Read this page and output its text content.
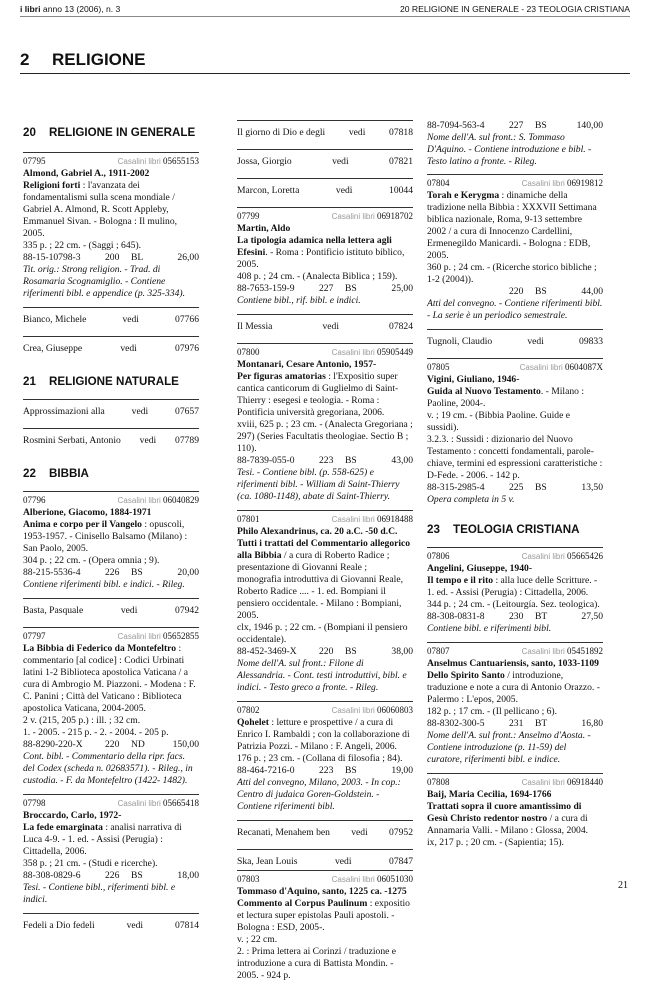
i libri anno 13 (2006), n. 3	20 RELIGIONE IN GENERALE - 23 TEOLOGIA CRISTIANA
2 RELIGIONE
20 RELIGIONE IN GENERALE
07795	Casalini libri 05655153
Almond, Gabriel A., 1911-2002
Religioni forti : l'avanzata dei fondamentalismi sulla scena mondiale / Gabriel A. Almond, R. Scott Appleby, Emmanuel Sivan. - Bologna : Il mulino, 2005.
335 p. ; 22 cm. - (Saggi ; 645).
88-15-10798-3	200	BL	26,00
Tit. orig.: Strong religion. - Trad. di Rosamaria Scognamiglio. - Contiene riferimenti bibl. e appendice (p. 325-334).
Bianco, Michele	vedi	07766
Crea, Giuseppe	vedi	07976
21 RELIGIONE NATURALE
Approssimazioni alla	vedi	07657
Rosmini Serbati, Antonio	vedi	07789
22 BIBBIA
07796	Casalini libri 06040829
Alberione, Giacomo, 1884-1971
Anima e corpo per il Vangelo : opuscoli, 1953-1957. - Cinisello Balsamo (Milano) : San Paolo, 2005.
304 p. ; 22 cm. - (Opera omnia ; 9).
88-215-5536-4	226	BS	20,00
Contiene riferimenti bibl. e indici. - Rileg.
Basta, Pasquale	vedi	07942
07797	Casalini libri 05652855
La Bibbia di Federico da Montefeltro : commentario [al codice] : Codici Urbinati latini 1-2 Biblioteca apostolica Vaticana / a cura di Ambrogio M. Piazzoni. - Modena : F. C. Panini ; Città del Vaticano : Biblioteca apostolica Vaticana, 2004-2005.
2 v. (215, 205 p.) : ill. ; 32 cm.
1. - 2005. - 215 p. - 2. - 2004. - 205 p.
88-8290-220-X	220	ND	150,00
Cont. bibl. - Commentario della ripr. facs. del Codex (scheda n. 02683571). - Rileg., in custodia. - F. da Montefeltro (1422- 1482).
07798	Casalini libri 05665418
Broccardo, Carlo, 1972-
La fede emarginata : analisi narrativa di Luca 4-9. - 1. ed. - Assisi (Perugia) : Cittadella, 2006.
358 p. ; 21 cm. - (Studi e ricerche).
88-308-0829-6	226	BS	18,00
Tesi. - Contiene bibl., riferimenti bibl. e indici.
Fedeli a Dio fedeli	vedi	07814
Il giorno di Dio e degli	vedi	07818
Jossa, Giorgio	vedi	07821
Marcon, Loretta	vedi	10044
07799	Casalini libri 06918702
Martin, Aldo
La tipologia adamica nella lettera agli Efesini. - Roma : Pontificio istituto biblico, 2005.
408 p. ; 24 cm. - (Analecta Biblica ; 159).
88-7653-159-9	227	BS	25,00
Contiene bibl., rif. bibl. e indici.
Il Messia	vedi	07824
07800	Casalini libri 05905449
Montanari, Cesare Antonio, 1957-
Per figuras amatorias : l'Expositio super cantica canticorum di Guglielmo di Saint-Thierry : esegesi e teologia. - Roma : Pontificia università gregoriana, 2006.
xviii, 625 p. ; 23 cm. - (Analecta Gregoriana ; 297) (Series Facultatis theologiae. Sectio B ; 110).
88-7839-055-0	223	BS	43,00
Tesi. - Contiene bibl. (p. 558-625) e riferimenti bibl. - William di Saint-Thierry (ca. 1080-1148), abate di Saint-Thierry.
07801	Casalini libri 06918488
Philo Alexandrinus, ca. 20 a.C. -50 d.C.
Tutti i trattati del Commentario allegorico alla Bibbia / a cura di Roberto Radice ; presentazione di Giovanni Reale ; monografia introduttiva di Giovanni Reale, Roberto Radice .... - 1. ed. Bompiani il pensiero occidentale. - Milano : Bompiani, 2005.
clx, 1946 p. ; 22 cm. - (Bompiani il pensiero occidentale).
88-452-3469-X	220	BS	38,00
Nome dell'A. sul front.: Filone di Alessandria. - Cont. testi introduttivi, bibl. e indici. - Testo greco a fronte. - Rileg.
07802	Casalini libri 06060803
Qohelet : letture e prospettive / a cura di Enrico I. Rambaldi ; con la collaborazione di Patrizia Pozzi. - Milano : F. Angeli, 2006.
176 p. ; 23 cm. - (Collana di filosofia ; 84).
88-464-7216-0	223	BS	19,00
Atti del convegno, Milano, 2003. - In cop.: Centro di judaica Goren-Goldstein. - Contiene riferimenti bibl.
Recanati, Menahem ben	vedi	07952
Ska, Jean Louis	vedi	07847
07803	Casalini libri 06051030
Tommaso d'Aquino, santo, 1225 ca. -1275
Commento al Corpus Paulinum : expositio et lectura super epistolas Pauli apostoli. - Bologna : ESD, 2005-.
v. ; 22 cm.
2. : Prima lettera ai Corinzi / traduzione e introduzione a cura di Battista Mondin. - 2005. - 924 p.
88-7094-563-4	227	BS	140,00
Nome dell'A. sul front.: S. Tommaso D'Aquino. - Contiene introduzione e bibl. - Testo latino a fronte. - Rileg.
07804	Casalini libri 06919812
Torah e Kerygma : dinamiche della tradizione nella Bibbia : XXXVII Settimana biblica nazionale, Roma, 9-13 settembre 2002 / a cura di Innocenzo Cardellini, Ermenegildo Manicardi. - Bologna : EDB, 2005.
360 p. ; 24 cm. - (Ricerche storico bibliche ; 1-2 (2004)).
220	BS	44,00
Atti del convegno. - Contiene riferimenti bibl. - La serie è un periodico semestrale.
Tugnoli, Claudio	vedi	09833
07805	Casalini libri 0604087X
Vigini, Giuliano, 1946-
Guida al Nuovo Testamento. - Milano : Paoline, 2004-.
v. ; 19 cm. - (Bibbia Paoline. Guide e sussidi).
3.2.3. : Sussidi : dizionario del Nuovo Testamento : concetti fondamentali, parole-chiave, termini ed espressioni caratteristiche : D-Fede. - 2006. - 142 p.
88-315-2985-4	225	BS	13,50
Opera completa in 5 v.
23 TEOLOGIA CRISTIANA
07806	Casalini libri 05665426
Angelini, Giuseppe, 1940-
Il tempo e il rito : alla luce delle Scritture. - 1. ed. - Assisi (Perugia) : Cittadella, 2006.
344 p. ; 24 cm. - (Leitourgía. Sez. teologica).
88-308-0831-8	230	BT	27,50
Contiene bibl. e riferimenti bibl.
07807	Casalini libri 05451892
Anselmus Cantuariensis, santo, 1033-1109
Dello Spirito Santo / introduzione, traduzione e note a cura di Antonio Orazzo. - Palermo : L'epos, 2005.
182 p. ; 17 cm. - (Il pellicano ; 6).
88-8302-300-5	231	BT	16,80
Nome dell'A. sul front.: Anselmo d'Aosta. - Contiene introduzione (p. 11-59) del curatore, riferimenti bibl. e indice.
07808	Casalini libri 06918440
Baij, Maria Cecilia, 1694-1766
Trattati sopra il cuore amantissimo di Gesù Christo redentor nostro / a cura di Annamaria Valli. - Milano : Glossa, 2004.
ix, 217 p. ; 20 cm. - (Sapientia; 15).
21
